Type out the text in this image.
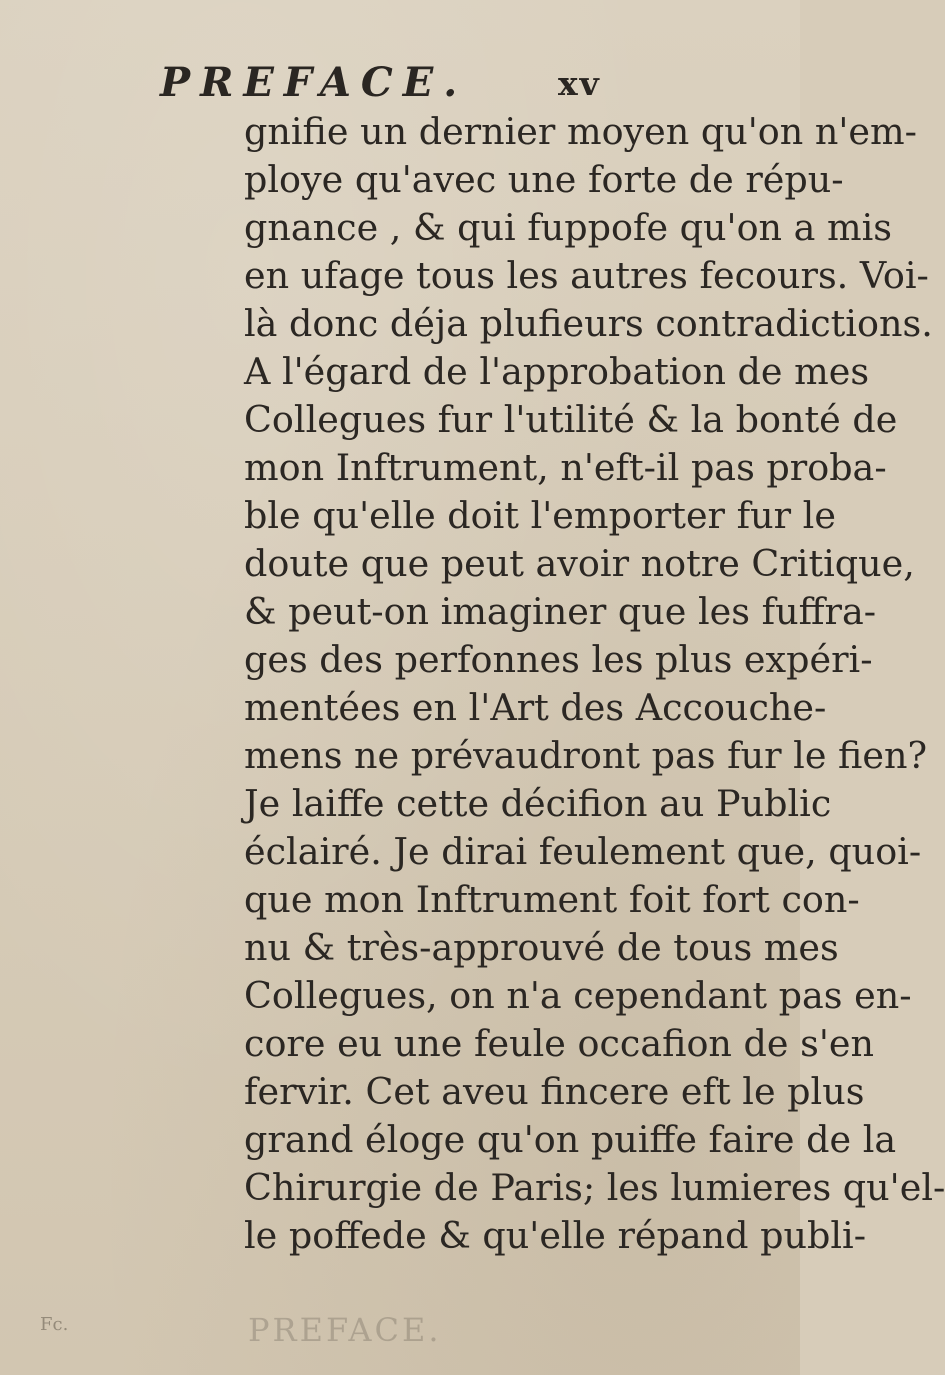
PREFACE.	xv
gnifie un dernier moyen qu'on n'em-
ploye qu'avec une forte de répu-
gnance , & qui fuppofe qu'on a mis
en ufage tous les autres fecours. Voi-
là donc déja plufieurs contradictions.
A l'égard de l'approbation de mes
Collegues fur l'utilité & la bonté de
mon Inftrument, n'eft-il pas proba-
ble qu'elle doit l'emporter fur le
doute que peut avoir notre Critique,
& peut-on imaginer que les fuffra-
ges des perfonnes les plus expéri-
mentées en l'Art des Accouche-
mens ne prévaudront pas fur le fien?
Je laiffe cette décifion au Public
éclairé. Je dirai feulement que, quoi-
que mon Inftrument foit fort con-
nu & très-approuvé de tous mes
Collegues, on n'a cependant pas en-
core eu une feule occafion de s'en
fervir. Cet aveu fincere eft le plus
grand éloge qu'on puiffe faire de la
Chirurgie de Paris; les lumieres qu'el-
le poffede & qu'elle répand publi-
PREFACE.
Fc.
